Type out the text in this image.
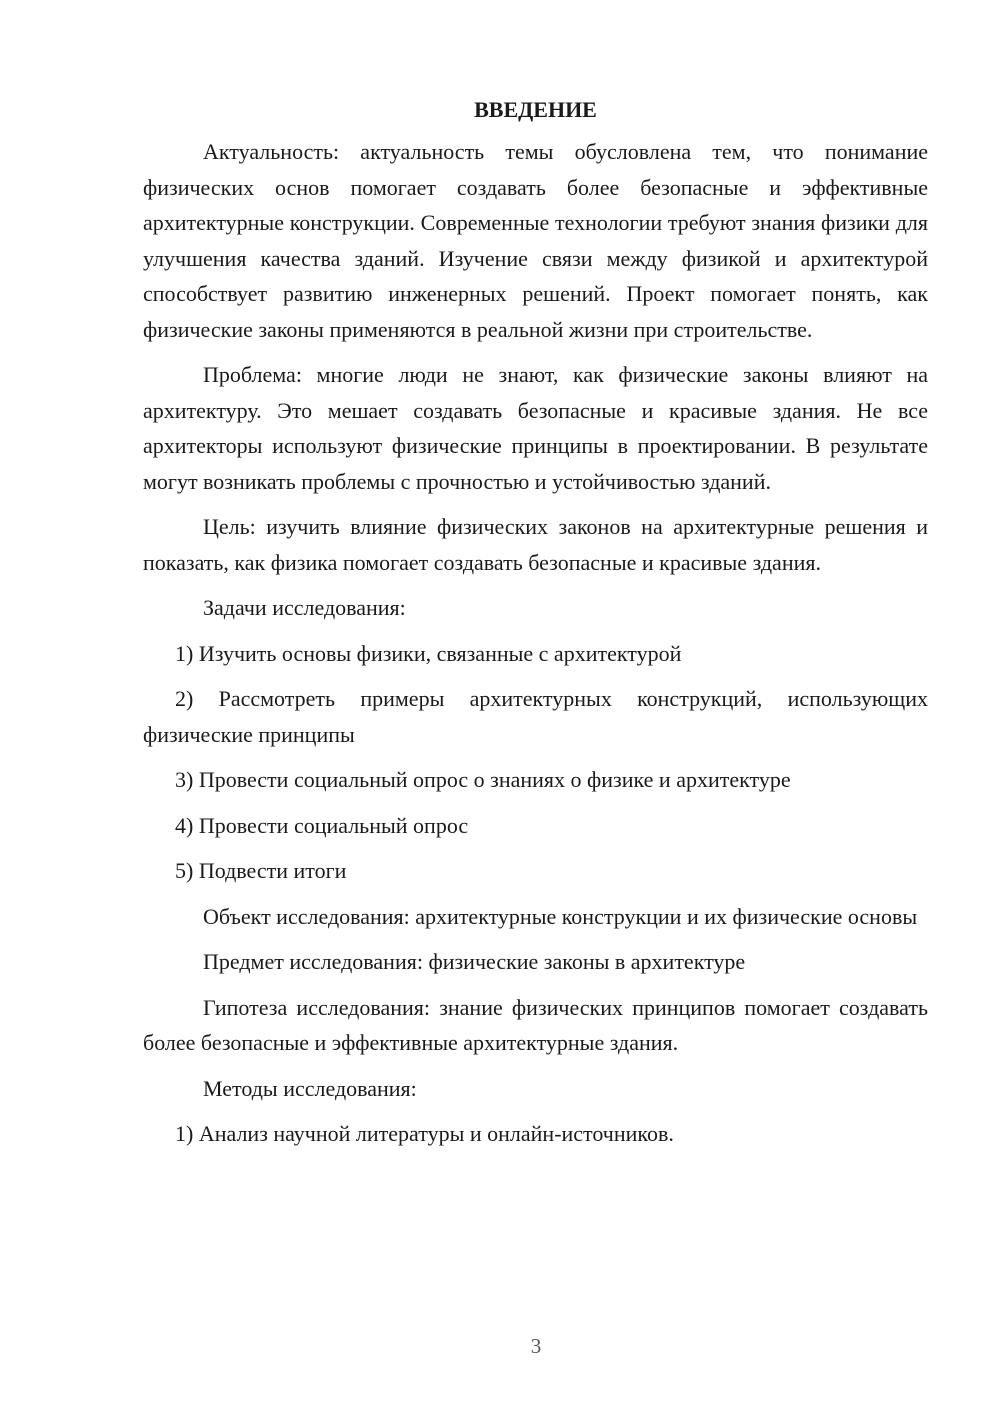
ВВЕДЕНИЕ

Актуальность: актуальность темы обусловлена тем, что понимание физических основ помогает создавать более безопасные и эффективные архитектурные конструкции. Современные технологии требуют знания физики для улучшения качества зданий. Изучение связи между физикой и архитектурой способствует развитию инженерных решений. Проект помогает понять, как физические законы применяются в реальной жизни при строительстве.

Проблема: многие люди не знают, как физические законы влияют на архитектуру. Это мешает создавать безопасные и красивые здания. Не все архитекторы используют физические принципы в проектировании. В результате могут возникать проблемы с прочностью и устойчивостью зданий.

Цель: изучить влияние физических законов на архитектурные решения и показать, как физика помогает создавать безопасные и красивые здания.

Задачи исследования:

1) Изучить основы физики, связанные с архитектурой

2) Рассмотреть примеры архитектурных конструкций, использующих физические принципы

3) Провести социальный опрос о знаниях о физике и архитектуре

4) Провести социальный опрос

5) Подвести итоги

Объект исследования: архитектурные конструкции и их физические основы

Предмет исследования: физические законы в архитектуре

Гипотеза исследования: знание физических принципов помогает создавать более безопасные и эффективные архитектурные здания.

Методы исследования:

1) Анализ научной литературы и онлайн-источников.

3
